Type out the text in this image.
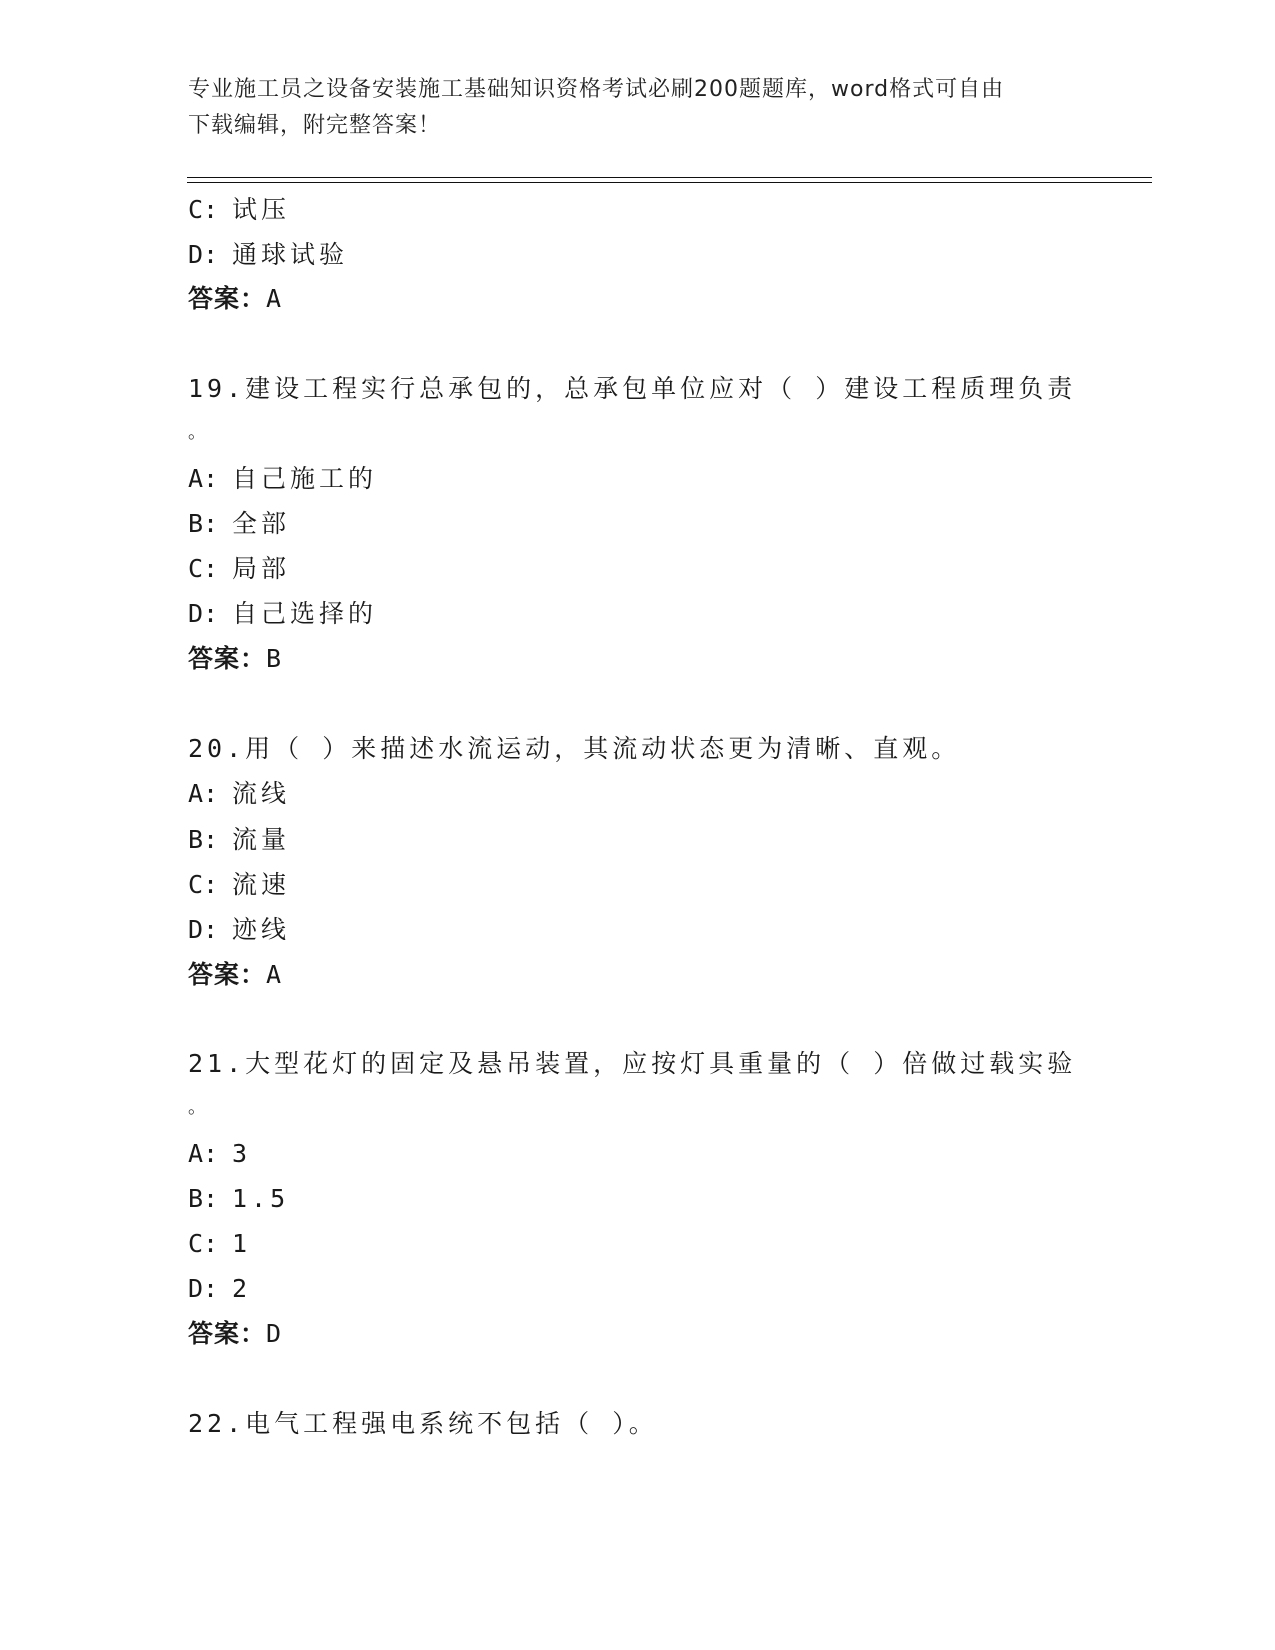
专业施工员之设备安装施工基础知识资格考试必刷200题题库，word格式可自由
下载编辑，附完整答案！
C: 试压
D: 通球试验
答案：A
19.建设工程实行总承包的，总承包单位应对（ ）建设工程质理负责
。
A: 自己施工的
B: 全部
C: 局部
D: 自己选择的
答案：B
20.用（ ）来描述水流运动，其流动状态更为清晰、直观。
A: 流线
B: 流量
C: 流速
D: 迹线
答案：A
21.大型花灯的固定及悬吊装置，应按灯具重量的（ ）倍做过载实验
。
A: 3
B: 1.5
C: 1
D: 2
答案：D
22.电气工程强电系统不包括（ ）。
